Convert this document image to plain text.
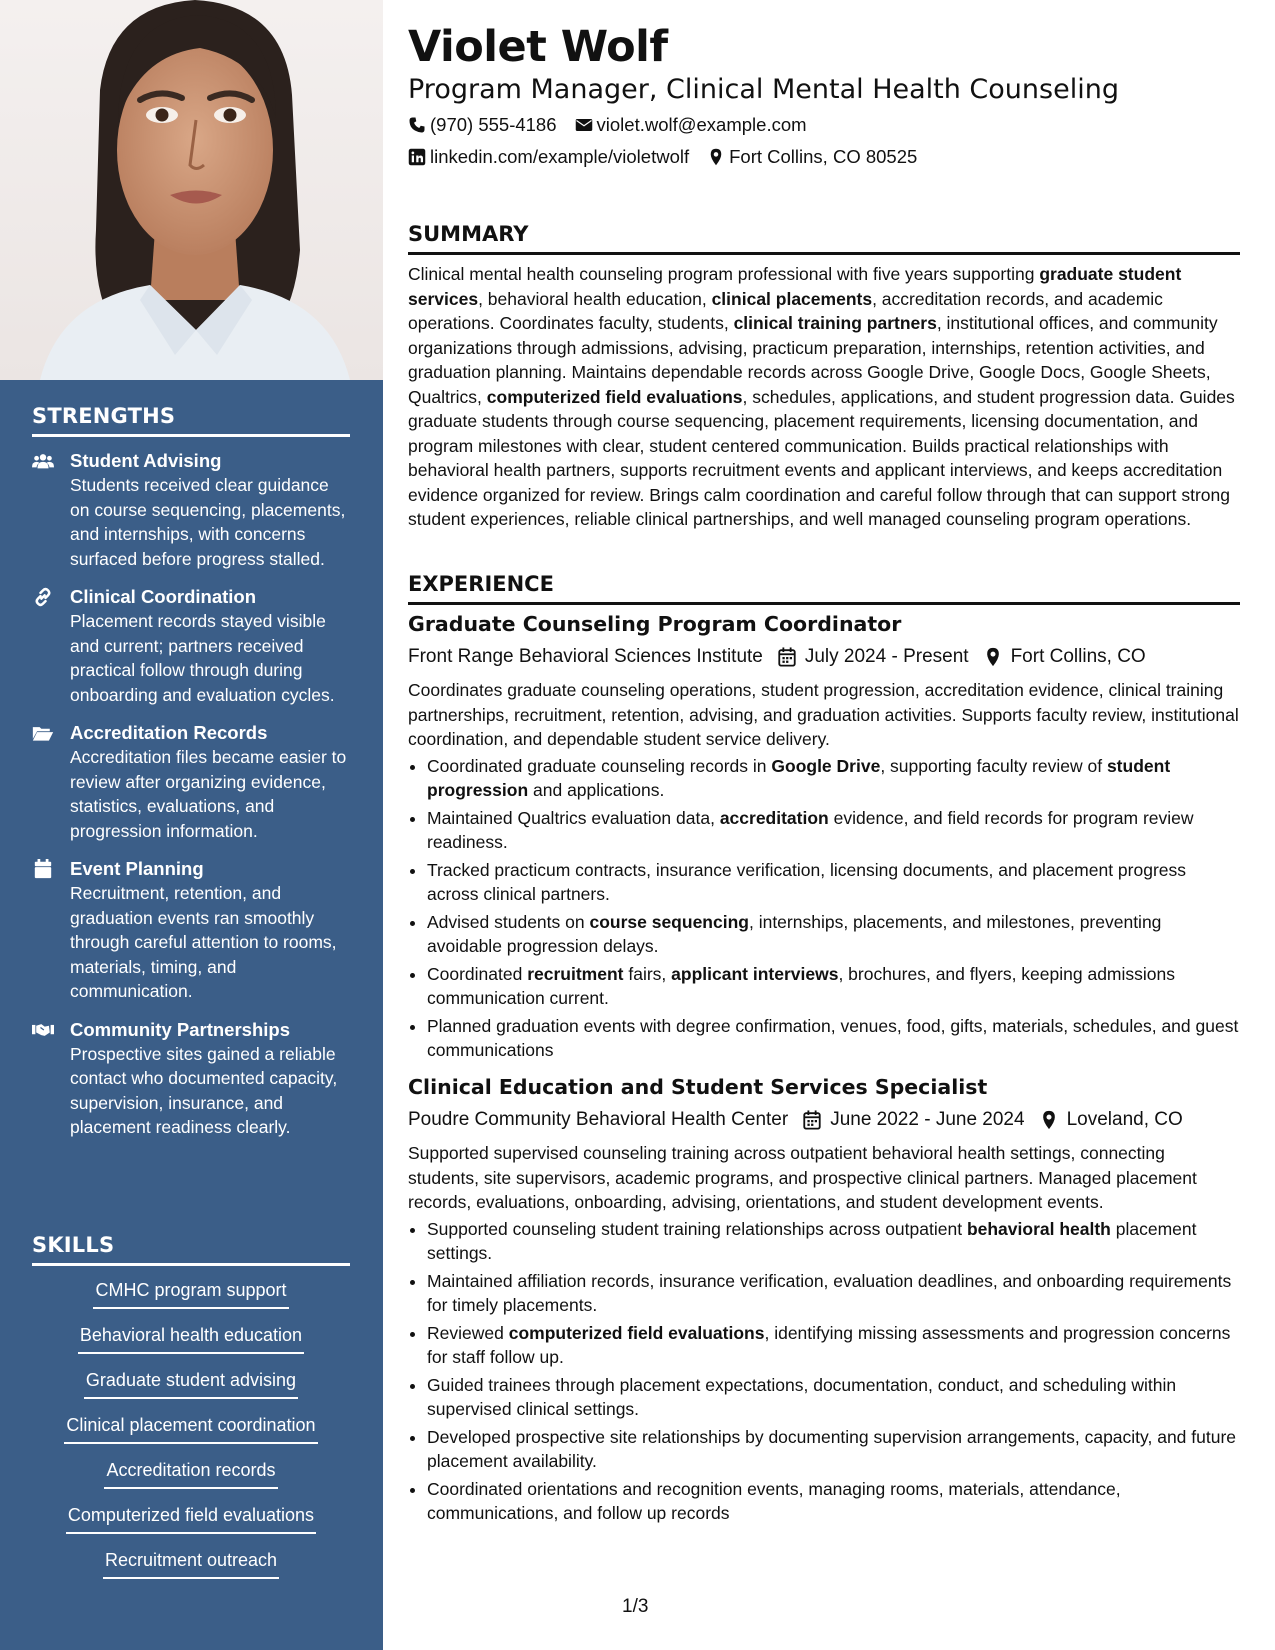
STRENGTHS
Student Advising
Students received clear guidance on course sequencing, placements, and internships, with concerns surfaced before progress stalled.
Clinical Coordination
Placement records stayed visible and current; partners received practical follow through during onboarding and evaluation cycles.
Accreditation Records
Accreditation files became easier to review after organizing evidence, statistics, evaluations, and progression information.
Event Planning
Recruitment, retention, and graduation events ran smoothly through careful attention to rooms, materials, timing, and communication.
Community Partnerships
Prospective sites gained a reliable contact who documented capacity, supervision, insurance, and placement readiness clearly.
SKILLS
CMHC program support
Behavioral health education
Graduate student advising
Clinical placement coordination
Accreditation records
Computerized field evaluations
Recruitment outreach
Violet Wolf
Program Manager, Clinical Mental Health Counseling
(970) 555-4186 violet.wolf@example.com
linkedin.com/example/violetwolf Fort Collins, CO 80525
SUMMARY

Clinical mental health counseling program professional with five years supporting graduate student services, behavioral health education, clinical placements, accreditation records, and academic operations. Coordinates faculty, students, clinical training partners, institutional offices, and community organizations through admissions, advising, practicum preparation, internships, retention activities, and graduation planning. Maintains dependable records across Google Drive, Google Docs, Google Sheets, Qualtrics, computerized field evaluations, schedules, applications, and student progression data. Guides graduate students through course sequencing, placement requirements, licensing documentation, and program milestones with clear, student centered communication. Builds practical relationships with behavioral health partners, supports recruitment events and applicant interviews, and keeps accreditation evidence organized for review. Brings calm coordination and careful follow through that can support strong student experiences, reliable clinical partnerships, and well managed counseling program operations.

EXPERIENCE
Graduate Counseling Program Coordinator
Front Range Behavioral Sciences Institute July 2024 - Present Fort Collins, CO

Coordinates graduate counseling operations, student progression, accreditation evidence, clinical training partnerships, recruitment, retention, advising, and graduation activities. Supports faculty review, institutional coordination, and dependable student service delivery.

• Coordinated graduate counseling records in Google Drive, supporting faculty review of student progression and applications.
• Maintained Qualtrics evaluation data, accreditation evidence, and field records for program review readiness.
• Tracked practicum contracts, insurance verification, licensing documents, and placement progress across clinical partners.
• Advised students on course sequencing, internships, placements, and milestones, preventing avoidable progression delays.
• Coordinated recruitment fairs, applicant interviews, brochures, and flyers, keeping admissions communication current.
• Planned graduation events with degree confirmation, venues, food, gifts, materials, schedules, and guest communications
Clinical Education and Student Services Specialist
Poudre Community Behavioral Health Center June 2022 - June 2024 Loveland, CO

Supported supervised counseling training across outpatient behavioral health settings, connecting students, site supervisors, academic programs, and prospective clinical partners. Managed placement records, evaluations, onboarding, advising, orientations, and student development events.

• Supported counseling student training relationships across outpatient behavioral health placement settings.
• Maintained affiliation records, insurance verification, evaluation deadlines, and onboarding requirements for timely placements.
• Reviewed computerized field evaluations, identifying missing assessments and progression concerns for staff follow up.
• Guided trainees through placement expectations, documentation, conduct, and scheduling within supervised clinical settings.
• Developed prospective site relationships by documenting supervision arrangements, capacity, and future placement availability.
• Coordinated orientations and recognition events, managing rooms, materials, attendance, communications, and follow up records
1/3
